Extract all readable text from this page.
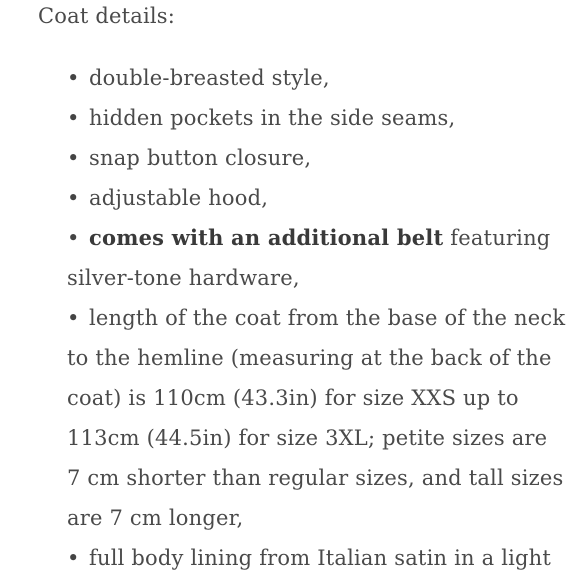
Coat details:
• double-breasted style,
• hidden pockets in the side seams,
• snap button closure,
• adjustable hood,
• comes with an additional belt featuring silver-tone hardware,
• length of the coat from the base of the neck to the hemline (measuring at the back of the coat) is 110cm (43.3in) for size XXS up to 113cm (44.5in) for size 3XL; petite sizes are 7 cm shorter than regular sizes, and tall sizes are 7 cm longer,
• full body lining from Italian satin in a light
